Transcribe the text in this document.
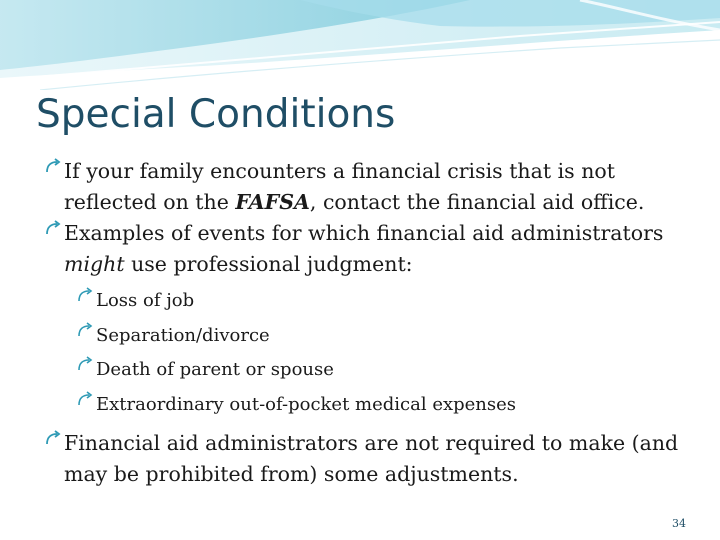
Special Conditions
If your family encounters a financial crisis that is not reflected on the FAFSA, contact the financial aid office.
Examples of events for which financial aid administrators might use professional judgment:
Loss of job
Separation/divorce
Death of parent or spouse
Extraordinary out-of-pocket medical expenses
Financial aid administrators are not required to make (and may be prohibited from) some adjustments.
34
